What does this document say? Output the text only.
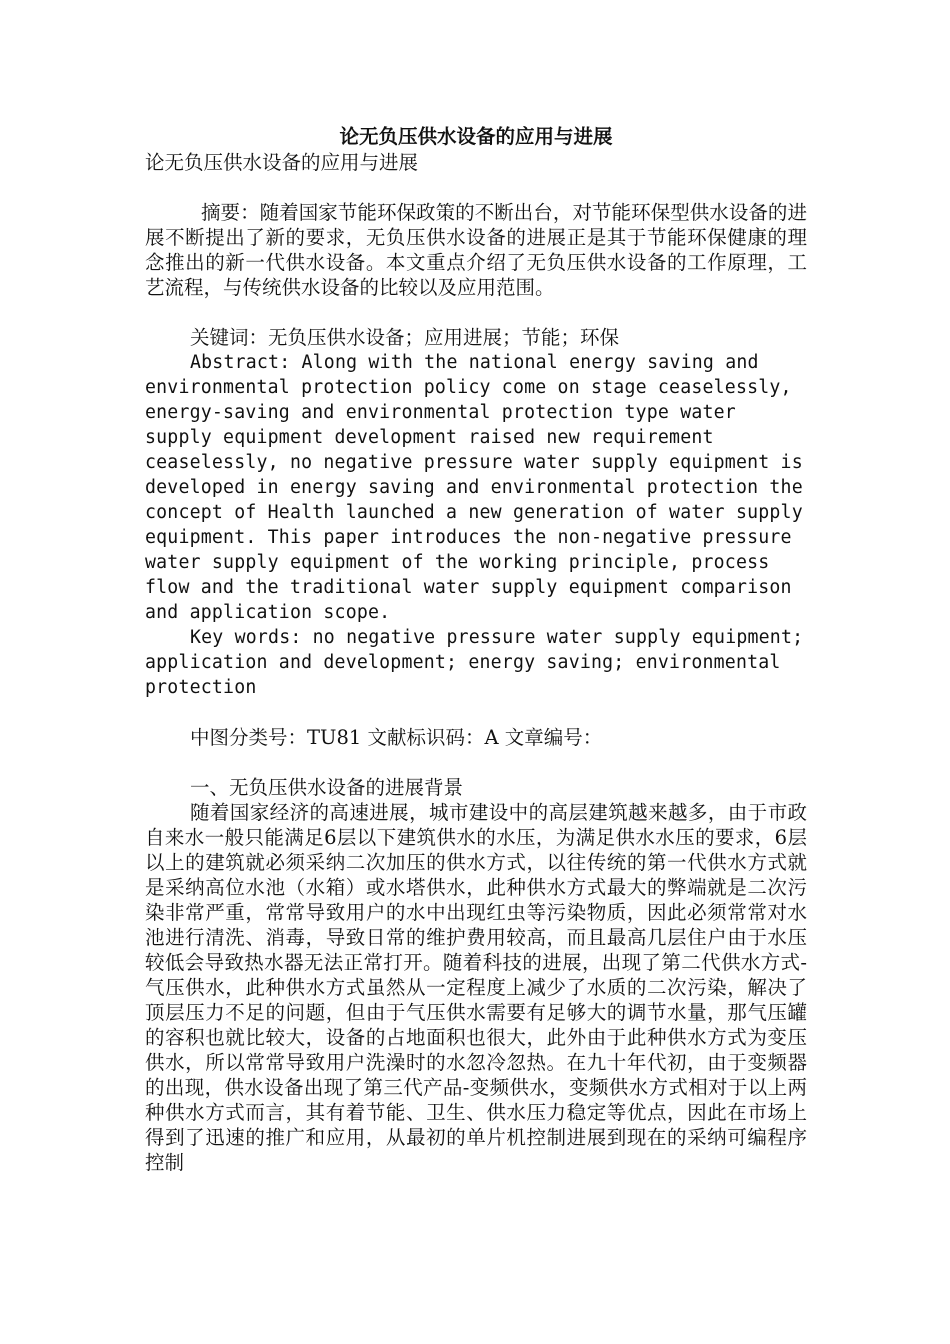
论无负压供水设备的应用与进展

论无负压供水设备的应用与进展

摘要：随着国家节能环保政策的不断出台，对节能环保型供水设备的进展不断提出了新的要求，无负压供水设备的进展正是其于节能环保健康的理念推出的新一代供水设备。本文重点介绍了无负压供水设备的工作原理，工艺流程，与传统供水设备的比较以及应用范围。

关键词：无负压供水设备；应用进展；节能；环保

Abstract: Along with the national energy saving and environmental protection policy come on stage ceaselessly, energy-saving and environmental protection type water supply equipment development raised new requirement ceaselessly, no negative pressure water supply equipment is developed in energy saving and environmental protection the concept of Health launched a new generation of water supply equipment. This paper introduces the non-negative pressure water supply equipment of the working principle, process flow and the traditional water supply equipment comparison and application scope.

Key words: no negative pressure water supply equipment; application and development; energy saving; environmental protection

中图分类号：TU81 文献标识码：A 文章编号：

一、无负压供水设备的进展背景

随着国家经济的高速进展，城市建设中的高层建筑越来越多，由于市政自来水一般只能满足6层以下建筑供水的水压，为满足供水水压的要求，6层以上的建筑就必须采纳二次加压的供水方式，以往传统的第一代供水方式就是采纳高位水池（水箱）或水塔供水，此种供水方式最大的弊端就是二次污染非常严重，常常导致用户的水中出现红虫等污染物质，因此必须常常对水池进行清洗、消毒，导致日常的维护费用较高，而且最高几层住户由于水压较低会导致热水器无法正常打开。随着科技的进展，出现了第二代供水方式-气压供水，此种供水方式虽然从一定程度上减少了水质的二次污染，解决了顶层压力不足的问题，但由于气压供水需要有足够大的调节水量，那气压罐的容积也就比较大，设备的占地面积也很大，此外由于此种供水方式为变压供水，所以常常导致用户洗澡时的水忽冷忽热。在九十年代初，由于变频器的出现，供水设备出现了第三代产品-变频供水，变频供水方式相对于以上两种供水方式而言，其有着节能、卫生、供水压力稳定等优点，因此在市场上得到了迅速的推广和应用，从最初的单片机控制进展到现在的采纳可编程序控制
